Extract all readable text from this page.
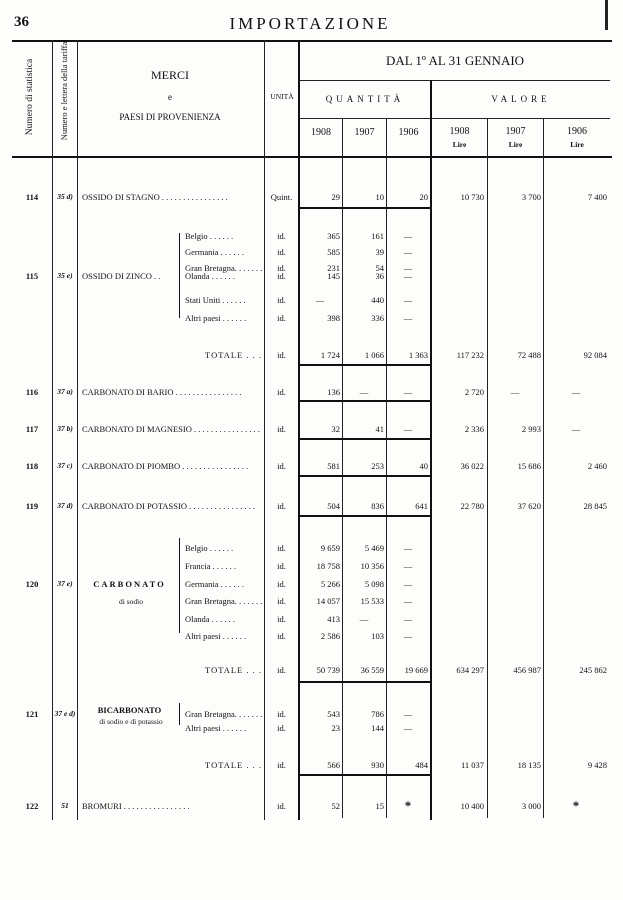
36	IMPORTAZIONE
Numero di statistica	Numero e lettera della tariffa	MERCI
e
PAESI DI PROVENIENZA
UNITÀ
DAL 1º AL 31 GENNAIO
QUANTITÀ	VALORE
1908	1907	1906	1908	1907	1906
Lire	Lire	Lire
114	35 d)	OSSIDO DI STAGNO . . . . . . . . . . . . . . . .	Quint.	29	10	20	10 730	3 700	7 400
Belgio . . . . . .	id.	365	161	—
Germania . . . . . .	id.	585	39	—
Gran Bretagna. . . . . . .	id.	231	54	—
115	35 e)	OSSIDO DI ZINCO . .	Olanda . . . . . .	id.	145	36	—
Stati Uniti . . . . . .	id.	—	440	—
Altri paesi . . . . . .	id.	398	336	—
TOTALE . . .	id.	1 724	1 066	1 363	117 232	72 488	92 084
116	37 a)	CARBONATO DI BARIO . . . . . . . . . . . . . . . .	id.	136	—	—	2 720	—	—
117	37 b)	CARBONATO DI MAGNESIO . . . . . . . . . . . . . . . .	id.	32	41	—	2 336	2 993	—
118	37 c)	CARBONATO DI PIOMBO . . . . . . . . . . . . . . . .	id.	581	253	40	36 022	15 686	2 460
119	37 d)	CARBONATO DI POTASSIO . . . . . . . . . . . . . . . .	id.	504	836	641	22 780	37 620	28 845
Belgio . . . . . .	id.	9 659	5 469	—
Francia . . . . . .	id.	18 758	10 356	—
120	37 e)	CARBONATO
di sodio
Germania . . . . . .	id.	5 266	5 098	—
Gran Bretagna. . . . . . .	id.	14 057	15 533	—
Olanda . . . . . .	id.	413	—	—
Altri paesi . . . . . .	id.	2 586	103	—
TOTALE . . .	id.	50 739	36 559	19 669	634 297	456 987	245 862
121	37 e d)	BICARBONATO
di sodio e di potassio
Gran Bretagna. . . . . . .	id.	543	786	—
Altri paesi . . . . . .	id.	23	144	—
TOTALE . . .	id.	566	930	484	11 037	18 135	9 428
122	51	BROMURI . . . . . . . . . . . . . . . .	id.	52	15	*	10 400	3 000	*
